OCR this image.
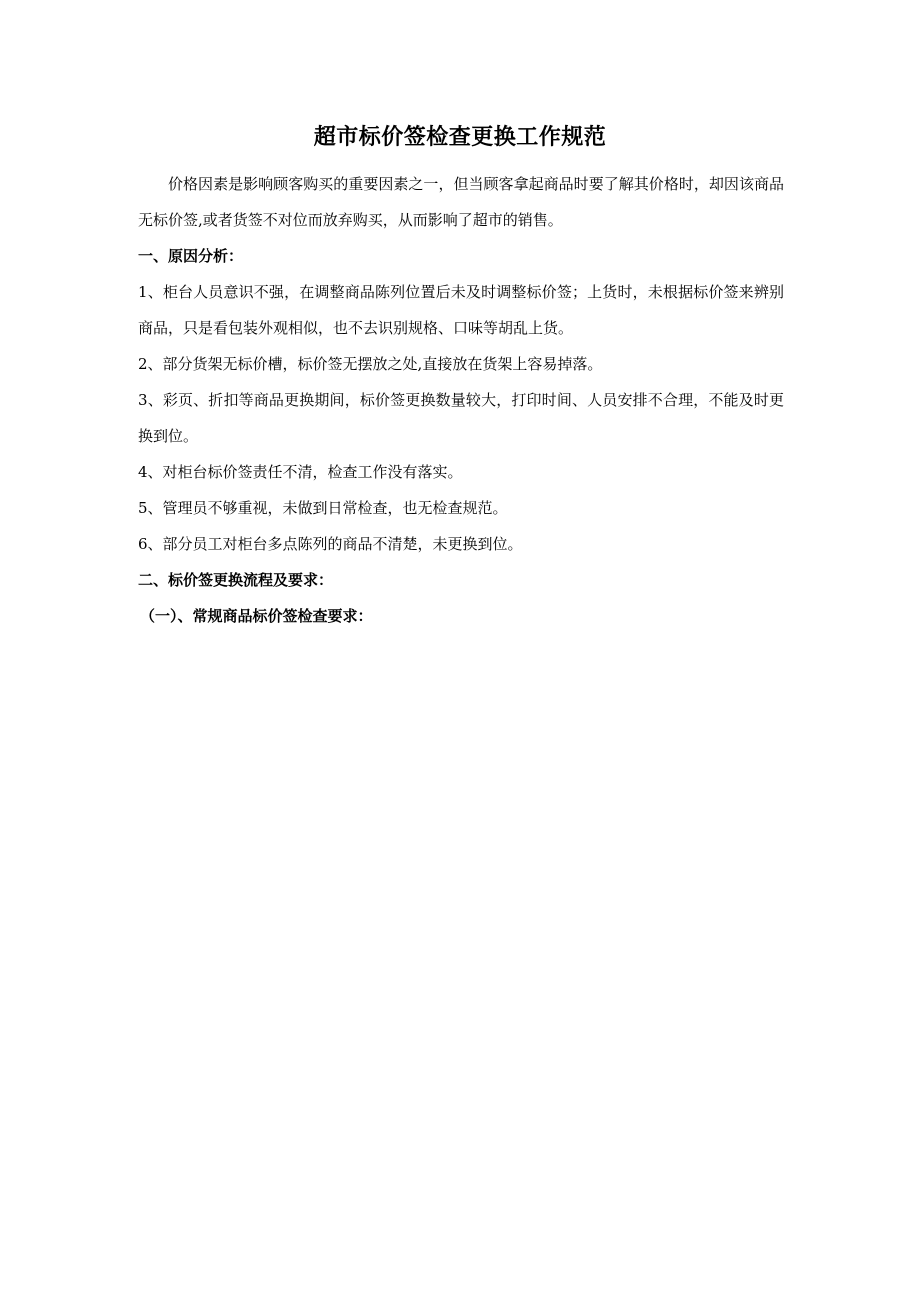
超市标价签检查更换工作规范

价格因素是影响顾客购买的重要因素之一，但当顾客拿起商品时要了解其价格时，却因该商品无标价签,或者货签不对位而放弃购买，从而影响了超市的销售。

一、原因分析：

1、柜台人员意识不强，在调整商品陈列位置后未及时调整标价签；上货时，未根据标价签来辨别商品，只是看包装外观相似，也不去识别规格、口味等胡乱上货。

2、部分货架无标价槽，标价签无摆放之处,直接放在货架上容易掉落。

3、彩页、折扣等商品更换期间，标价签更换数量较大，打印时间、人员安排不合理，不能及时更换到位。

4、对柜台标价签责任不清，检查工作没有落实。

5、管理员不够重视，未做到日常检查，也无检查规范。

6、部分员工对柜台多点陈列的商品不清楚，未更换到位。

二、标价签更换流程及要求：

（一）、常规商品标价签检查要求：
